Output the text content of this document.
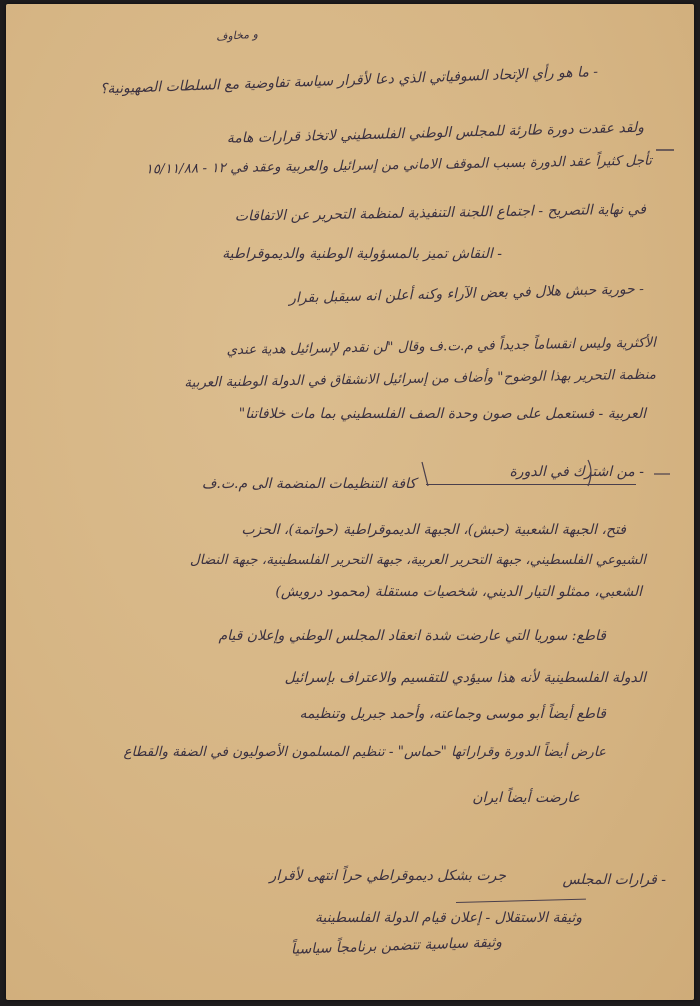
و مخاوف
- ما هو رأي الإتحاد السوفياتي الذي دعا لأقرار سياسة تفاوضية مع السلطات الصهيونية؟
ولقد عقدت دورة طارئة للمجلس الوطني الفلسطيني لاتخاذ قرارات هامة
تأجل كثيراً عقد الدورة بسبب الموقف الاماني من إسرائيل والعربية وعقد في ١٢ - ١٥/١١/٨٨
في نهاية التصريح - اجتماع اللجنة التنفيذية لمنظمة التحرير عن الاتفاقات
- النقاش تميز بالمسؤولية الوطنية والديموقراطية
- حورية حبش هلال في بعض الآراء وكنه أعلن انه سيقبل بقرار
الأكثرية وليس انقساماً جديداً في م.ت.ف وقال "لن نقدم لإسرائيل هدية عندي
منظمة التحرير بهذا الوضوح" وأضاف من إسرائيل الانشقاق في الدولة الوطنية العربية
العربية - فستعمل على صون وحدة الصف الفلسطيني بما مات خلافاتنا"
- من اشترك في الدورة
كافة التنظيمات المنضمة الى م.ت.ف
فتح، الجبهة الشعبية (حبش)، الجبهة الديموقراطية (حواتمة)، الحزب
الشيوعي الفلسطيني، جبهة التحرير العربية، جبهة التحرير الفلسطينية، جبهة النضال
الشعبي، ممثلو التيار الديني، شخصيات مستقلة (محمود درويش)
قاطع: سوريا التي عارضت شدة انعقاد المجلس الوطني وإعلان قيام
الدولة الفلسطينية لأنه هذا سيؤدي للتقسيم والاعتراف بإسرائيل
قاطع أيضاً أبو موسى وجماعته، وأحمد جبريل وتنظيمه
عارض أيضاً الدورة وقراراتها "حماس" - تنظيم المسلمون الأصوليون في الضفة والقطاع
عارضت أيضاً ايران
- قرارات المجلس
جرت بشكل ديموقراطي حراً انتهى لأقرار
وثيقة الاستقلال - إعلان قيام الدولة الفلسطينية
وثيقة سياسية تتضمن برنامجاً سياسياً
